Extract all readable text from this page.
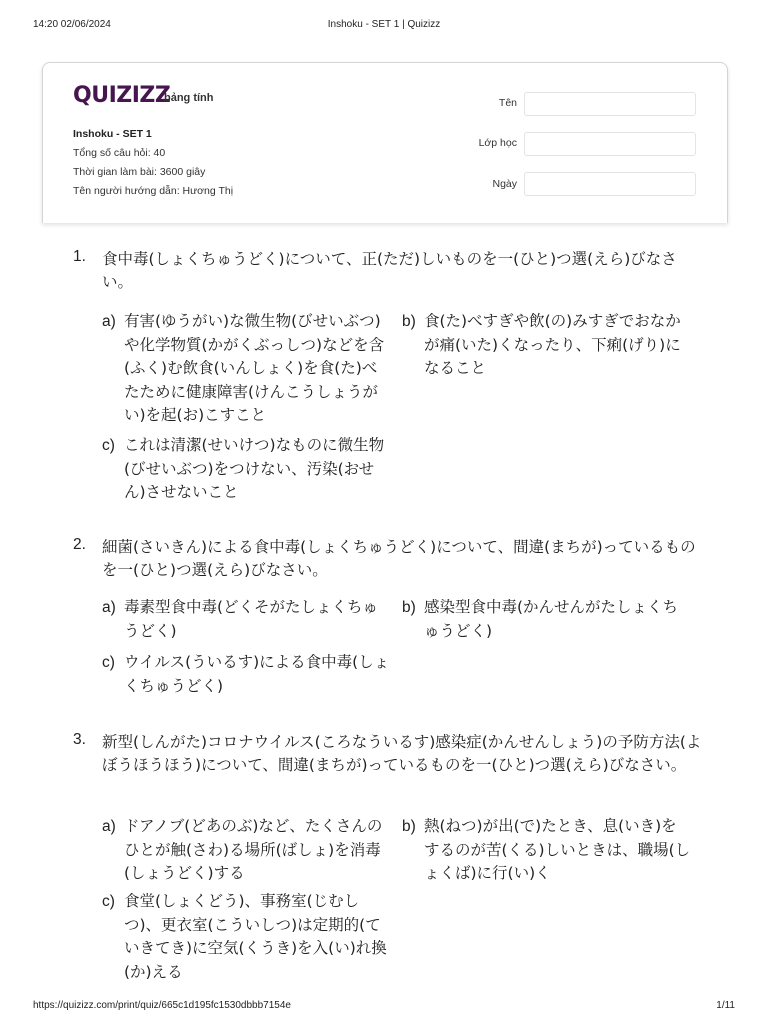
14:20 02/06/2024	Inshoku - SET 1 | Quizizz
QUIZIZZ
bảng tính
Inshoku - SET 1
Tổng số câu hỏi: 40
Thời gian làm bài: 3600 giây
Tên người hướng dẫn: Hương Thị
Tên
Lớp học
Ngày
1. 食中毒(しょくちゅうどく)について、正(ただ)しいものを一(ひと)つ選(えら)びなさい。
a) 有害(ゆうがい)な微生物(びせいぶつ)や化学物質(かがくぶっしつ)などを含(ふく)む飲食(いんしょく)を食(た)べたために健康障害(けんこうしょうがい)を起(お)こすこと
b) 食(た)べすぎや飲(の)みすぎでおなかが痛(いた)くなったり、下痢(げり)になること
c) これは清潔(せいけつ)なものに微生物(びせいぶつ)をつけない、汚染(おせん)させないこと
2. 細菌(さいきん)による食中毒(しょくちゅうどく)について、間違(まちが)っているものを一(ひと)つ選(えら)びなさい。
a) 毒素型食中毒(どくそがたしょくちゅうどく)
b) 感染型食中毒(かんせんがたしょくちゅうどく)
c) ウイルス(ういるす)による食中毒(しょくちゅうどく)
3. 新型(しんがた)コロナウイルス(ころなういるす)感染症(かんせんしょう)の予防方法(よぼうほうほう)について、間違(まちが)っているものを一(ひと)つ選(えら)びなさい。
a) ドアノブ(どあのぶ)など、たくさんのひとが触(さわ)る場所(ばしょ)を消毒(しょうどく)する
b) 熱(ねつ)が出(で)たとき、息(いき)をするのが苦(くる)しいときは、職場(しょくば)に行(い)く
c) 食堂(しょくどう)、事務室(じむしつ)、更衣室(こういしつ)は定期的(ていきてき)に空気(くうき)を入(い)れ換(か)える
https://quizizz.com/print/quiz/665c1d195fc1530dbbb7154e	1/11
